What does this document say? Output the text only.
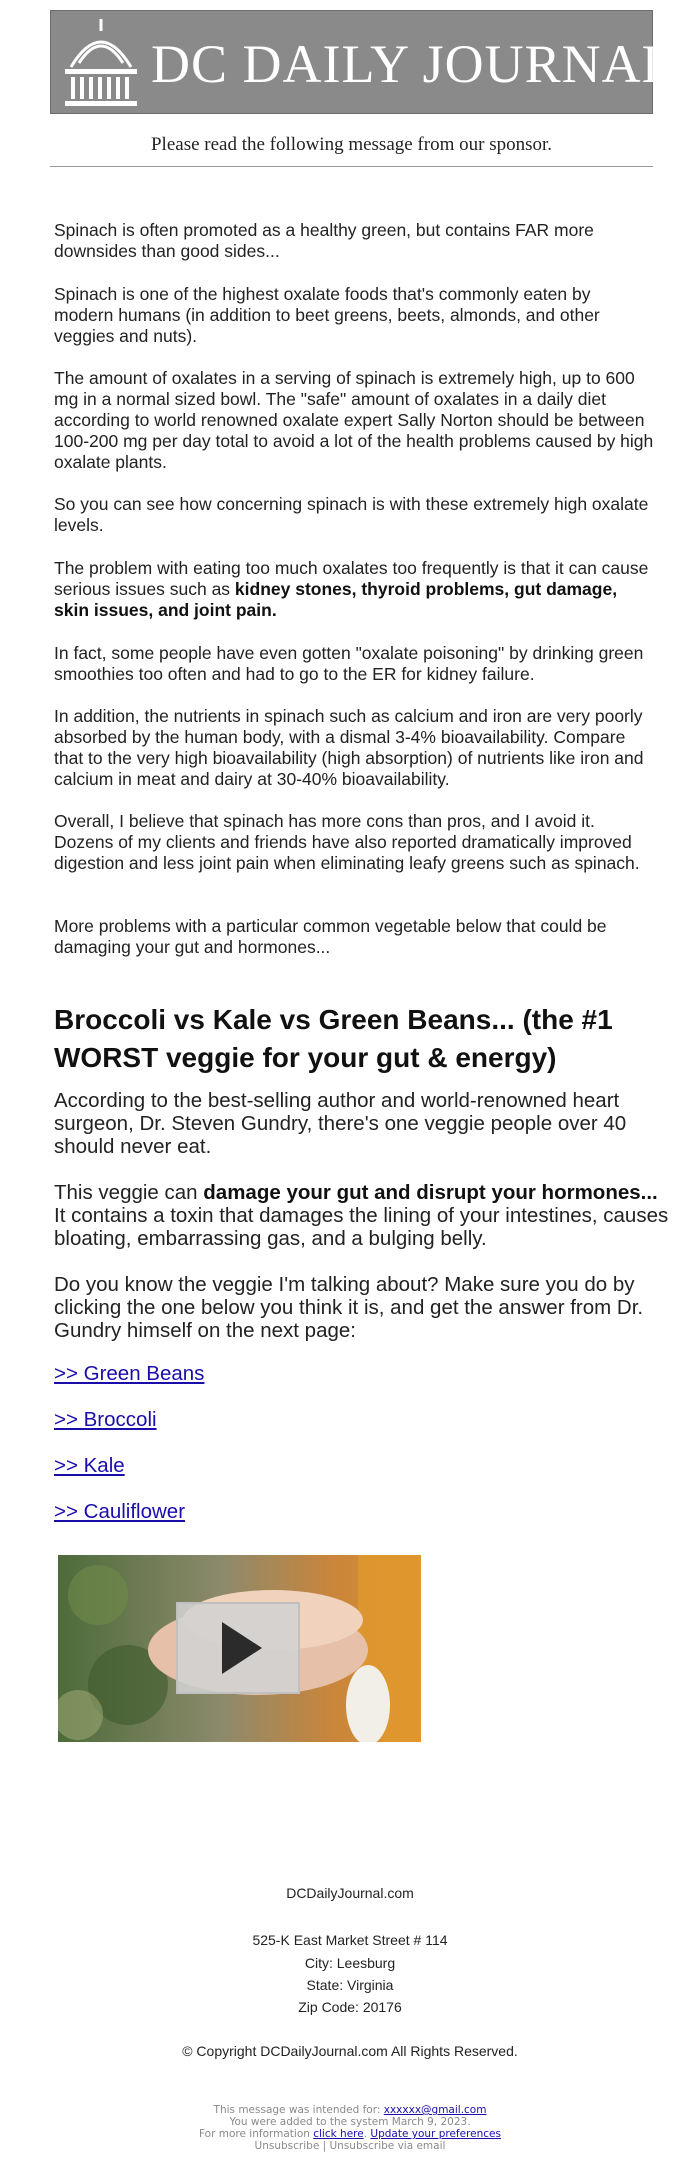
DC DAILY JOURNAL
Please read the following message from our sponsor.

Spinach is often promoted as a healthy green, but contains FAR more downsides than good sides...

Spinach is one of the highest oxalate foods that's commonly eaten by modern humans (in addition to beet greens, beets, almonds, and other veggies and nuts).

The amount of oxalates in a serving of spinach is extremely high, up to 600 mg in a normal sized bowl. The "safe" amount of oxalates in a daily diet according to world renowned oxalate expert Sally Norton should be between 100-200 mg per day total to avoid a lot of the health problems caused by high oxalate plants.

So you can see how concerning spinach is with these extremely high oxalate levels.

The problem with eating too much oxalates too frequently is that it can cause serious issues such as kidney stones, thyroid problems, gut damage, skin issues, and joint pain.

In fact, some people have even gotten "oxalate poisoning" by drinking green smoothies too often and had to go to the ER for kidney failure.

In addition, the nutrients in spinach such as calcium and iron are very poorly absorbed by the human body, with a dismal 3-4% bioavailability. Compare that to the very high bioavailability (high absorption) of nutrients like iron and calcium in meat and dairy at 30-40% bioavailability.

Overall, I believe that spinach has more cons than pros, and I avoid it. Dozens of my clients and friends have also reported dramatically improved digestion and less joint pain when eliminating leafy greens such as spinach.

More problems with a particular common vegetable below that could be damaging your gut and hormones...

Broccoli vs Kale vs Green Beans... (the #1 WORST veggie for your gut & energy)

According to the best-selling author and world-renowned heart surgeon, Dr. Steven Gundry, there's one veggie people over 40 should never eat.

This veggie can damage your gut and disrupt your hormones... It contains a toxin that damages the lining of your intestines, causes bloating, embarrassing gas, and a bulging belly.

Do you know the veggie I'm talking about? Make sure you do by clicking the one below you think it is, and get the answer from Dr. Gundry himself on the next page:

>> Green Beans
>> Broccoli
>> Kale
>> Cauliflower
DCDailyJournal.com
525-K East Market Street # 114
City: Leesburg
State: Virginia
Zip Code: 20176
© Copyright DCDailyJournal.com All Rights Reserved.
This message was intended for: xxxxxx@gmail.com
You were added to the system March 9, 2023.
For more information click here. Update your preferences
Unsubscribe | Unsubscribe via email
